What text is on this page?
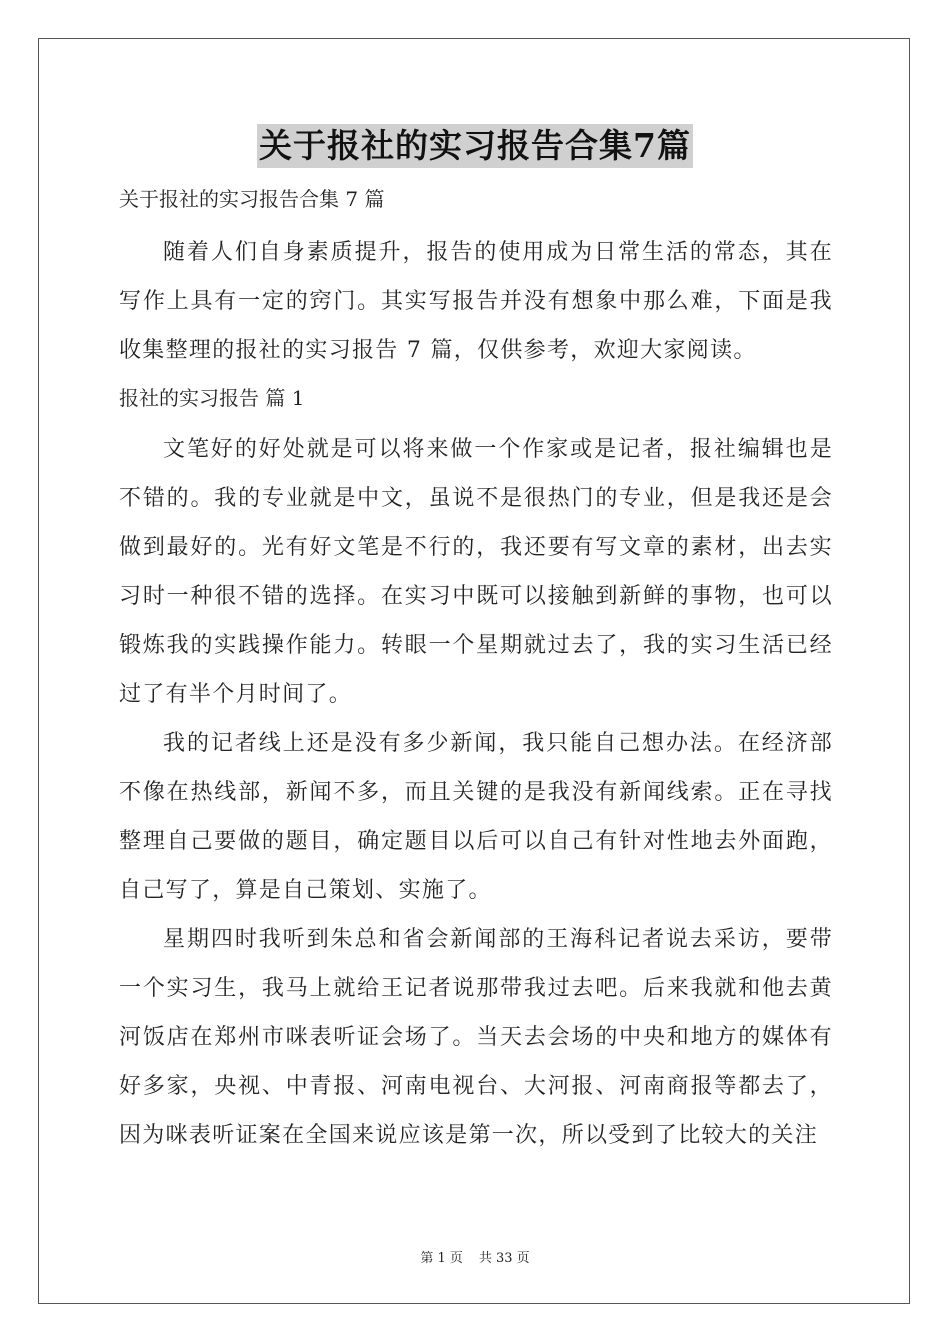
关于报社的实习报告合集7篇

关于报社的实习报告合集 7 篇

随着人们自身素质提升，报告的使用成为日常生活的常态，其在写作上具有一定的窍门。其实写报告并没有想象中那么难，下面是我收集整理的报社的实习报告 7 篇，仅供参考，欢迎大家阅读。

报社的实习报告 篇 1

文笔好的好处就是可以将来做一个作家或是记者，报社编辑也是不错的。我的专业就是中文，虽说不是很热门的专业，但是我还是会做到最好的。光有好文笔是不行的，我还要有写文章的素材，出去实习时一种很不错的选择。在实习中既可以接触到新鲜的事物，也可以锻炼我的实践操作能力。转眼一个星期就过去了，我的实习生活已经过了有半个月时间了。

我的记者线上还是没有多少新闻，我只能自己想办法。在经济部不像在热线部，新闻不多，而且关键的是我没有新闻线索。正在寻找整理自己要做的题目，确定题目以后可以自己有针对性地去外面跑，自己写了，算是自己策划、实施了。

星期四时我听到朱总和省会新闻部的王海科记者说去采访，要带一个实习生，我马上就给王记者说那带我过去吧。后来我就和他去黄河饭店在郑州市咪表听证会场了。当天去会场的中央和地方的媒体有好多家，央视、中青报、河南电视台、大河报、河南商报等都去了，因为咪表听证案在全国来说应该是第一次，所以受到了比较大的关注

第 1 页 共 33 页
